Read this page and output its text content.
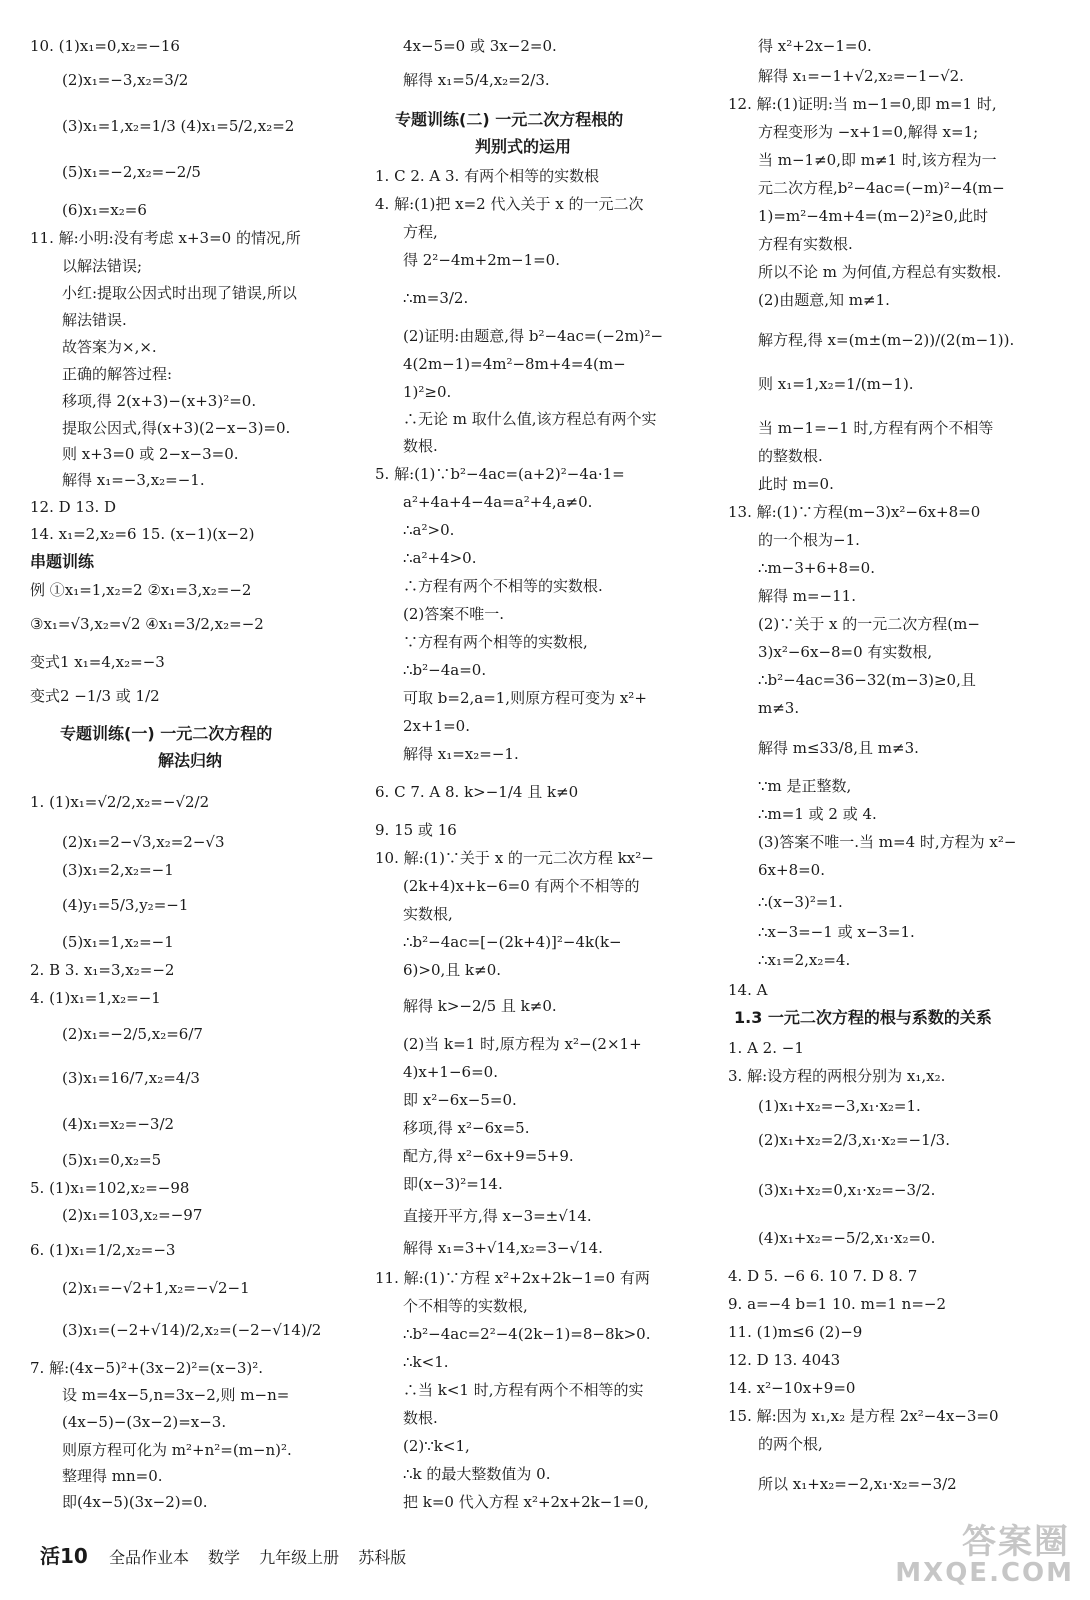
10. (1)x₁=0,x₂=−16
(2)x₁=−3,x₂=3/2
(3)x₁=1,x₂=1/3 (4)x₁=5/2,x₂=2
(5)x₁=−2,x₂=−2/5
(6)x₁=x₂=6
11. 解:小明:没有考虑 x+3=0 的情况,所
以解法错误;
小红:提取公因式时出现了错误,所以
解法错误.
故答案为×,×.
正确的解答过程:
移项,得 2(x+3)−(x+3)²=0.
提取公因式,得(x+3)(2−x−3)=0.
则 x+3=0 或 2−x−3=0.
解得 x₁=−3,x₂=−1.
12. D 13. D
14. x₁=2,x₂=6 15. (x−1)(x−2)
串题训练
例 ①x₁=1,x₂=2 ②x₁=3,x₂=−2
③x₁=√3,x₂=√2 ④x₁=3/2,x₂=−2
变式1 x₁=4,x₂=−3
变式2 −1/3 或 1/2
专题训练(一) 一元二次方程的
解法归纳
1. (1)x₁=√2/2,x₂=−√2/2
(2)x₁=2−√3,x₂=2−√3
(3)x₁=2,x₂=−1
(4)y₁=5/3,y₂=−1
(5)x₁=1,x₂=−1
2. B 3. x₁=3,x₂=−2
4. (1)x₁=1,x₂=−1
(2)x₁=−2/5,x₂=6/7
(3)x₁=16/7,x₂=4/3
(4)x₁=x₂=−3/2
(5)x₁=0,x₂=5
5. (1)x₁=102,x₂=−98
(2)x₁=103,x₂=−97
6. (1)x₁=1/2,x₂=−3
(2)x₁=−√2+1,x₂=−√2−1
(3)x₁=(−2+√14)/2,x₂=(−2−√14)/2
7. 解:(4x−5)²+(3x−2)²=(x−3)².
设 m=4x−5,n=3x−2,则 m−n=
(4x−5)−(3x−2)=x−3.
则原方程可化为 m²+n²=(m−n)².
整理得 mn=0.
即(4x−5)(3x−2)=0.
4x−5=0 或 3x−2=0.
解得 x₁=5/4,x₂=2/3.
专题训练(二) 一元二次方程根的
判别式的运用
1. C 2. A 3. 有两个相等的实数根
4. 解:(1)把 x=2 代入关于 x 的一元二次
方程,
得 2²−4m+2m−1=0.
∴m=3/2.
(2)证明:由题意,得 b²−4ac=(−2m)²−
4(2m−1)=4m²−8m+4=4(m−
1)²≥0.
∴无论 m 取什么值,该方程总有两个实
数根.
5. 解:(1)∵b²−4ac=(a+2)²−4a·1=
a²+4a+4−4a=a²+4,a≠0.
∴a²>0.
∴a²+4>0.
∴方程有两个不相等的实数根.
(2)答案不唯一.
∵方程有两个相等的实数根,
∴b²−4a=0.
可取 b=2,a=1,则原方程可变为 x²+
2x+1=0.
解得 x₁=x₂=−1.
6. C 7. A 8. k>−1/4 且 k≠0
9. 15 或 16
10. 解:(1)∵关于 x 的一元二次方程 kx²−
(2k+4)x+k−6=0 有两个不相等的
实数根,
∴b²−4ac=[−(2k+4)]²−4k(k−
6)>0,且 k≠0.
解得 k>−2/5 且 k≠0.
(2)当 k=1 时,原方程为 x²−(2×1+
4)x+1−6=0.
即 x²−6x−5=0.
移项,得 x²−6x=5.
配方,得 x²−6x+9=5+9.
即(x−3)²=14.
直接开平方,得 x−3=±√14.
解得 x₁=3+√14,x₂=3−√14.
11. 解:(1)∵方程 x²+2x+2k−1=0 有两
个不相等的实数根,
∴b²−4ac=2²−4(2k−1)=8−8k>0.
∴k<1.
∴当 k<1 时,方程有两个不相等的实
数根.
(2)∵k<1,
∴k 的最大整数值为 0.
把 k=0 代入方程 x²+2x+2k−1=0,
得 x²+2x−1=0.
解得 x₁=−1+√2,x₂=−1−√2.
12. 解:(1)证明:当 m−1=0,即 m=1 时,
方程变形为 −x+1=0,解得 x=1;
当 m−1≠0,即 m≠1 时,该方程为一
元二次方程,b²−4ac=(−m)²−4(m−
1)=m²−4m+4=(m−2)²≥0,此时
方程有实数根.
所以不论 m 为何值,方程总有实数根.
(2)由题意,知 m≠1.
解方程,得 x=(m±(m−2))/(2(m−1)).
则 x₁=1,x₂=1/(m−1).
当 m−1=−1 时,方程有两个不相等
的整数根.
此时 m=0.
13. 解:(1)∵方程(m−3)x²−6x+8=0
的一个根为−1.
∴m−3+6+8=0.
解得 m=−11.
(2)∵关于 x 的一元二次方程(m−
3)x²−6x−8=0 有实数根,
∴b²−4ac=36−32(m−3)≥0,且
m≠3.
解得 m≤33/8,且 m≠3.
∵m 是正整数,
∴m=1 或 2 或 4.
(3)答案不唯一.当 m=4 时,方程为 x²−
6x+8=0.
∴(x−3)²=1.
∴x−3=−1 或 x−3=1.
∴x₁=2,x₂=4.
14. A
1.3 一元二次方程的根与系数的关系
1. A 2. −1
3. 解:设方程的两根分别为 x₁,x₂.
(1)x₁+x₂=−3,x₁·x₂=1.
(2)x₁+x₂=2/3,x₁·x₂=−1/3.
(3)x₁+x₂=0,x₁·x₂=−3/2.
(4)x₁+x₂=−5/2,x₁·x₂=0.
4. D 5. −6 6. 10 7. D 8. 7
9. a=−4 b=1 10. m=1 n=−2
11. (1)m≤6 (2)−9
12. D 13. 4043
14. x²−10x+9=0
15. 解:因为 x₁,x₂ 是方程 2x²−4x−3=0
的两个根,
所以 x₁+x₂=−2,x₁·x₂=−3/2
活10 全品作业本 数学 九年级上册 苏科版	答案圈
MXQE.COM
